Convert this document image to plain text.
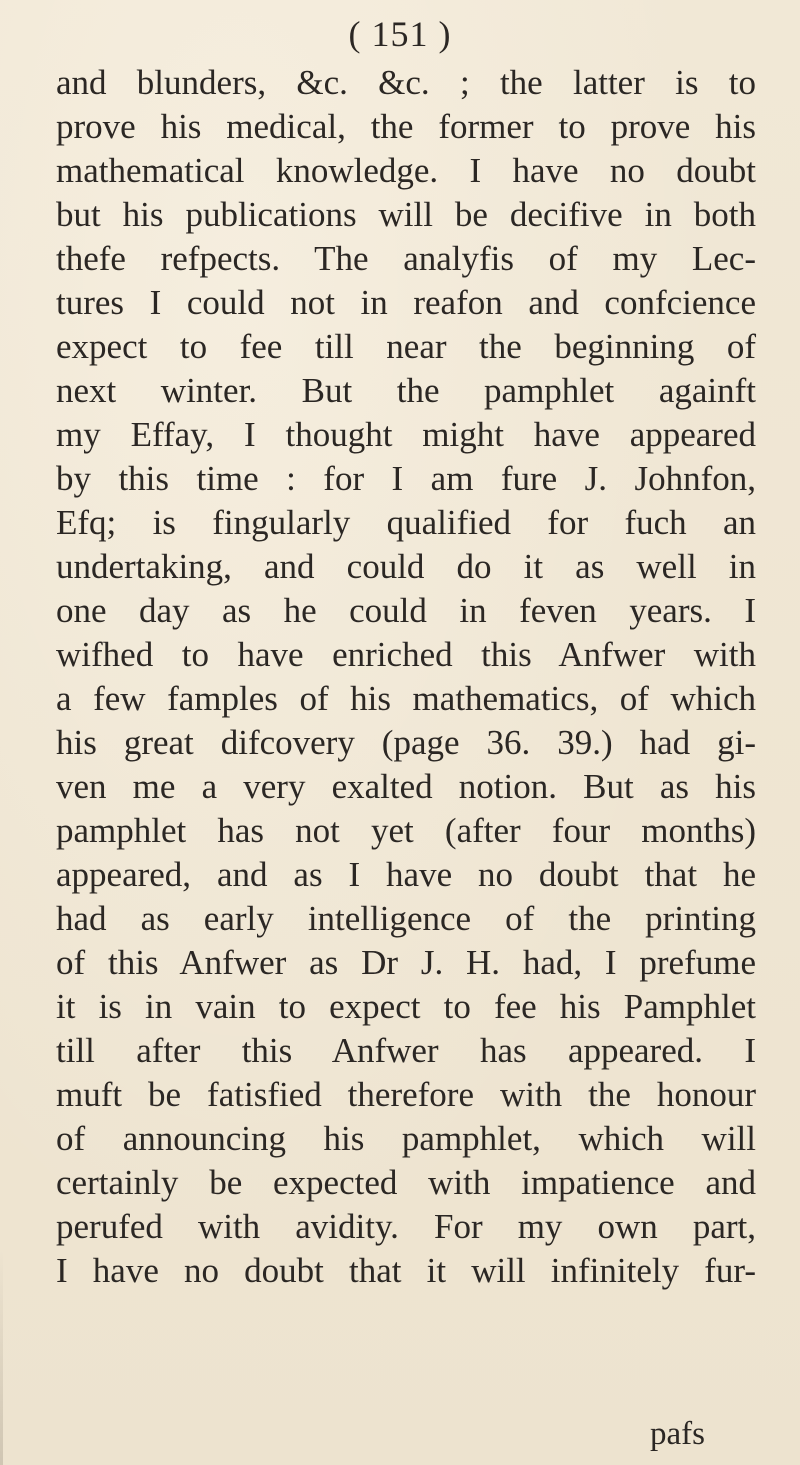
( 151 )
and blunders, &c. &c. ; the latter is to
prove his medical, the former to prove his
mathematical knowledge. I have no doubt
but his publications will be decifive in both
thefe refpects. The analyfis of my Lec-
tures I could not in reafon and confcience
expect to fee till near the beginning of
next winter. But the pamphlet againft
my Effay, I thought might have appeared
by this time : for I am fure J. Johnfon,
Efq; is fingularly qualified for fuch an
undertaking, and could do it as well in
one day as he could in feven years. I
wifhed to have enriched this Anfwer with
a few famples of his mathematics, of which
his great difcovery (page 36. 39.) had gi-
ven me a very exalted notion. But as his
pamphlet has not yet (after four months)
appeared, and as I have no doubt that he
had as early intelligence of the printing
of this Anfwer as Dr J. H. had, I prefume
it is in vain to expect to fee his Pamphlet
till after this Anfwer has appeared. I
muft be fatisfied therefore with the honour
of announcing his pamphlet, which will
certainly be expected with impatience and
perufed with avidity. For my own part,
I have no doubt that it will infinitely fur-
pafs
